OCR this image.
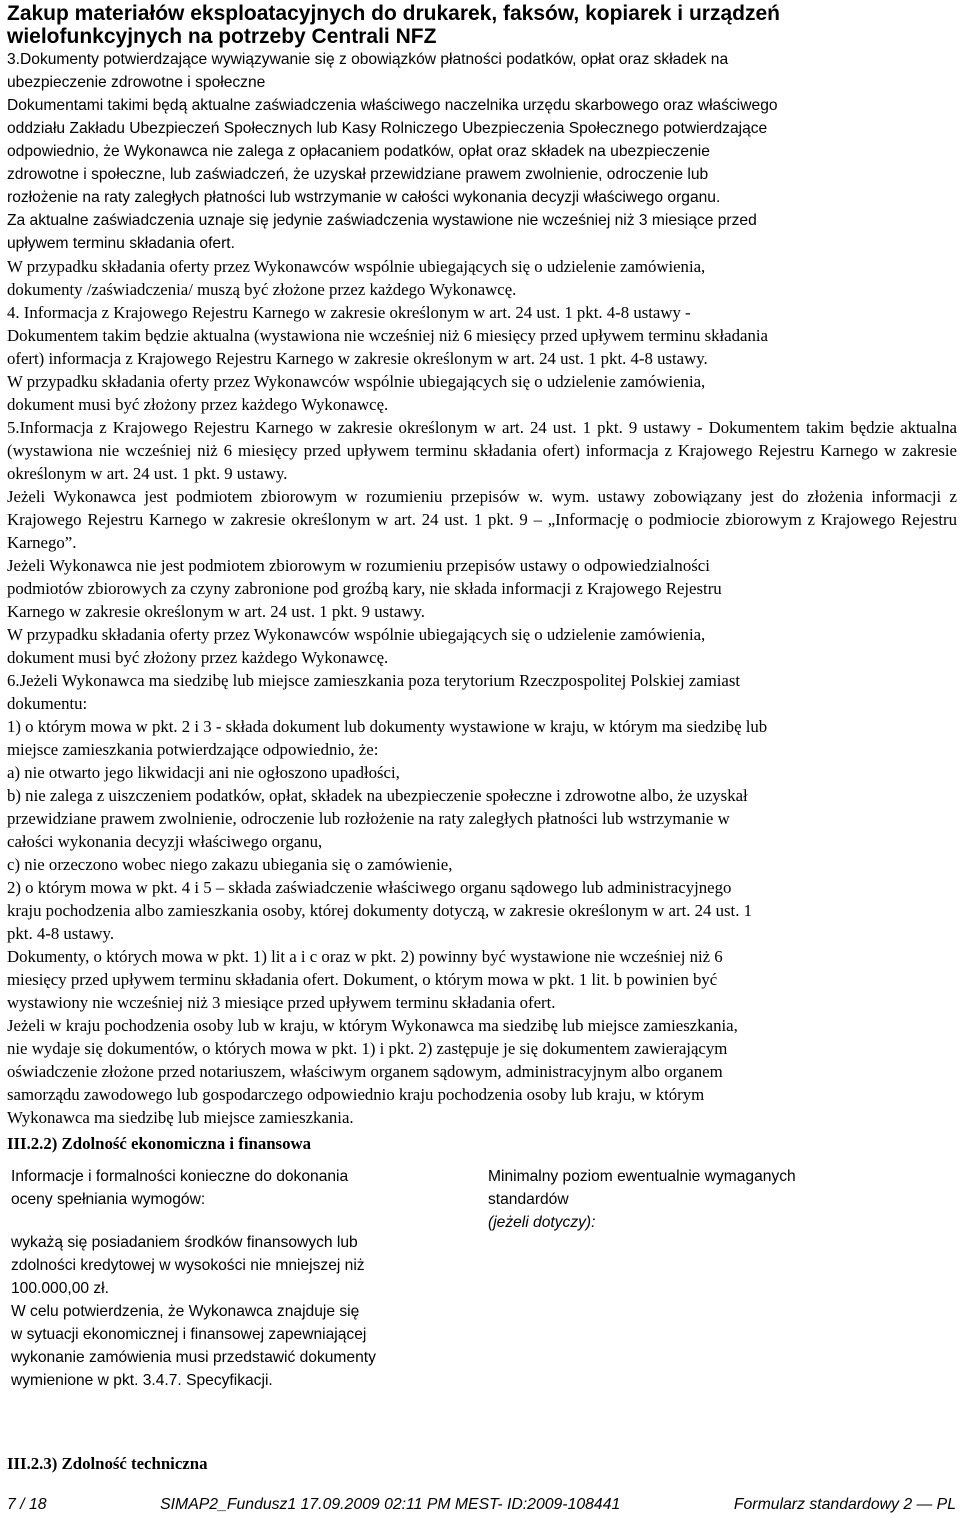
Zakup materiałów eksploatacyjnych do drukarek, faksów, kopiarek i urządzeń
wielofunkcyjnych na potrzeby Centrali NFZ

3.Dokumenty potwierdzające wywiązywanie się z obowiązków płatności podatków, opłat oraz składek na
ubezpieczenie zdrowotne i społeczne

Dokumentami takimi będą aktualne zaświadczenia właściwego naczelnika urzędu skarbowego oraz właściwego
oddziału Zakładu Ubezpieczeń Społecznych lub Kasy Rolniczego Ubezpieczenia Społecznego potwierdzające
odpowiednio, że Wykonawca nie zalega z opłacaniem podatków, opłat oraz składek na ubezpieczenie
zdrowotne i społeczne, lub zaświadczeń, że uzyskał przewidziane prawem zwolnienie, odroczenie lub
rozłożenie na raty zaległych płatności lub wstrzymanie w całości wykonania decyzji właściwego organu.

Za aktualne zaświadczenia uznaje się jedynie zaświadczenia wystawione nie wcześniej niż 3 miesiące przed
upływem terminu składania ofert.

W przypadku składania oferty przez Wykonawców wspólnie ubiegających się o udzielenie zamówienia,
dokumenty /zaświadczenia/ muszą być złożone przez każdego Wykonawcę.

4. Informacja z Krajowego Rejestru Karnego w zakresie określonym w art. 24 ust. 1 pkt. 4-8 ustawy -
Dokumentem takim będzie aktualna (wystawiona nie wcześniej niż 6 miesięcy przed upływem terminu składania
ofert) informacja z Krajowego Rejestru Karnego w zakresie określonym w art. 24 ust. 1 pkt. 4-8 ustawy.

W przypadku składania oferty przez Wykonawców wspólnie ubiegających się o udzielenie zamówienia,
dokument musi być złożony przez każdego Wykonawcę.

5.Informacja z Krajowego Rejestru Karnego w zakresie określonym w art. 24 ust. 1 pkt. 9 ustawy - Dokumentem takim będzie aktualna (wystawiona nie wcześniej niż 6 miesięcy przed upływem terminu składania ofert) informacja z Krajowego Rejestru Karnego w zakresie określonym w art. 24 ust. 1 pkt. 9 ustawy.

Jeżeli Wykonawca jest podmiotem zbiorowym w rozumieniu przepisów w. wym. ustawy zobowiązany jest do złożenia informacji z Krajowego Rejestru Karnego w zakresie określonym w art. 24 ust. 1 pkt. 9 – „Informację o podmiocie zbiorowym z Krajowego Rejestru Karnego”.

Jeżeli Wykonawca nie jest podmiotem zbiorowym w rozumieniu przepisów ustawy o odpowiedzialności
podmiotów zbiorowych za czyny zabronione pod groźbą kary, nie składa informacji z Krajowego Rejestru
Karnego w zakresie określonym w art. 24 ust. 1 pkt. 9 ustawy.

W przypadku składania oferty przez Wykonawców wspólnie ubiegających się o udzielenie zamówienia,
dokument musi być złożony przez każdego Wykonawcę.

6.Jeżeli Wykonawca ma siedzibę lub miejsce zamieszkania poza terytorium Rzeczpospolitej Polskiej zamiast
dokumentu:

1) o którym mowa w pkt. 2 i 3 - składa dokument lub dokumenty wystawione w kraju, w którym ma siedzibę lub
miejsce zamieszkania potwierdzające odpowiednio, że:

a) nie otwarto jego likwidacji ani nie ogłoszono upadłości,

b) nie zalega z uiszczeniem podatków, opłat, składek na ubezpieczenie społeczne i zdrowotne albo, że uzyskał
przewidziane prawem zwolnienie, odroczenie lub rozłożenie na raty zaległych płatności lub wstrzymanie w
całości wykonania decyzji właściwego organu,

c) nie orzeczono wobec niego zakazu ubiegania się o zamówienie,

2) o którym mowa w pkt. 4 i 5 – składa zaświadczenie właściwego organu sądowego lub administracyjnego
kraju pochodzenia albo zamieszkania osoby, której dokumenty dotyczą, w zakresie określonym w art. 24 ust. 1
pkt. 4-8 ustawy.

Dokumenty, o których mowa w pkt. 1) lit a i c oraz w pkt. 2) powinny być wystawione nie wcześniej niż 6
miesięcy przed upływem terminu składania ofert. Dokument, o którym mowa w pkt. 1 lit. b powinien być
wystawiony nie wcześniej niż 3 miesiące przed upływem terminu składania ofert.

Jeżeli w kraju pochodzenia osoby lub w kraju, w którym Wykonawca ma siedzibę lub miejsce zamieszkania,
nie wydaje się dokumentów, o których mowa w pkt. 1) i pkt. 2) zastępuje je się dokumentem zawierającym
oświadczenie złożone przed notariuszem, właściwym organem sądowym, administracyjnym albo organem
samorządu zawodowego lub gospodarczego odpowiednio kraju pochodzenia osoby lub kraju, w którym
Wykonawca ma siedzibę lub miejsce zamieszkania.

III.2.2) Zdolność ekonomiczna i finansowa

Informacje i formalności konieczne do dokonania
oceny spełniania wymogów:

wykażą się posiadaniem środków finansowych lub
zdolności kredytowej w wysokości nie mniejszej niż
100.000,00 zł.
W celu potwierdzenia, że Wykonawca znajduje się
w sytuacji ekonomicznej i finansowej zapewniającej
wykonanie zamówienia musi przedstawić dokumenty
wymienione w pkt. 3.4.7. Specyfikacji.

Minimalny poziom ewentualnie wymaganych
standardów

(jeżeli dotyczy):

III.2.3) Zdolność techniczna
7 / 18	SIMAP2_Fundusz1 17.09.2009 02:11 PM MEST- ID:2009-108441	Formularz standardowy 2 — PL
